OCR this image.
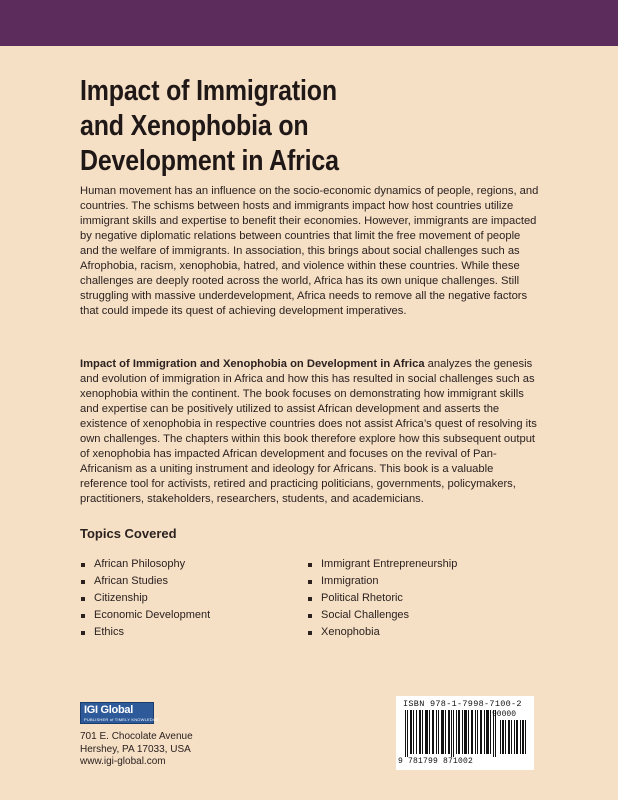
Impact of Immigration
and Xenophobia on
Development in Africa

Human movement has an influence on the socio-economic dynamics of people, regions, and countries. The schisms between hosts and immigrants impact how host countries utilize immigrant skills and expertise to benefit their economies. However, immigrants are impacted by negative diplomatic relations between countries that limit the free movement of people and the welfare of immigrants. In association, this brings about social challenges such as Afrophobia, racism, xenophobia, hatred, and violence within these countries. While these challenges are deeply rooted across the world, Africa has its own unique challenges. Still struggling with massive underdevelopment, Africa needs to remove all the negative factors that could impede its quest of achieving development imperatives.

Impact of Immigration and Xenophobia on Development in Africa analyzes the genesis and evolution of immigration in Africa and how this has resulted in social challenges such as xenophobia within the continent. The book focuses on demonstrating how immigrant skills and expertise can be positively utilized to assist African development and asserts the existence of xenophobia in respective countries does not assist Africa’s quest of resolving its own challenges. The chapters within this book therefore explore how this subsequent output of xenophobia has impacted African development and focuses on the revival of Pan-Africanism as a uniting instrument and ideology for Africans. This book is a valuable reference tool for activists, retired and practicing politicians, governments, policymakers, practitioners, stakeholders, researchers, students, and academicians.

Topics Covered
African Philosophy
African Studies
Citizenship
Economic Development
Ethics
Immigrant Entrepreneurship
Immigration
Political Rhetoric
Social Challenges
Xenophobia
IGI Global
PUBLISHER of TIMELY KNOWLEDGE
701 E. Chocolate Avenue
Hershey, PA 17033, USA
www.igi-global.com
ISBN 978-1-7998-7100-2
90000
9 781799 871002
